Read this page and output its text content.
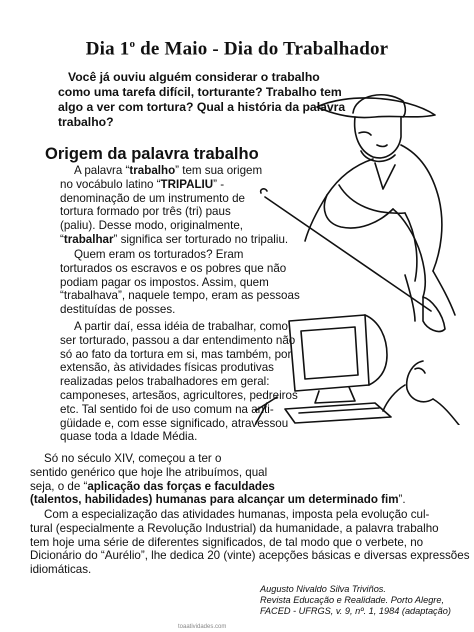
Dia 1$^o$ de Maio - Dia do Trabalhador
Você já ouviu alguém considerar o trabalho como uma tarefa difícil, torturante? Trabalho tem algo a ver com tortura? Qual a história da palavra trabalho?
Origem da palavra trabalho
A palavra “trabalho” tem sua origem
no vocábulo latino “TRIPALIU” -
denominação de um instrumento de
tortura formado por três (tri) paus
(paliu). Desse modo, originalmente,
“trabalhar” significa ser torturado no tripaliu.
Quem eram os torturados? Eram
torturados os escravos e os pobres que não
podiam pagar os impostos. Assim, quem
“trabalhava”, naquele tempo, eram as pessoas
destituídas de posses.
A partir daí, essa idéia de trabalhar, como
ser torturado, passou a dar entendimento não
só ao fato da tortura em si, mas também, por
extensão, às atividades físicas produtivas
realizadas pelos trabalhadores em geral:
camponeses, artesãos, agricultores, pedreiros
etc. Tal sentido foi de uso comum na anti-
güidade e, com esse significado, atravessou
quase toda a Idade Média.
Só no século XIV, começou a ter o
sentido genérico que hoje lhe atribuímos, qual
seja, o de “aplicação das forças e faculdades
(talentos, habilidades) humanas para alcançar um determinado fim”.
Com a especialização das atividades humanas, imposta pela evolução cul-
tural (especialmente a Revolução Industrial) da humanidade, a palavra trabalho
tem hoje uma série de diferentes significados, de tal modo que o verbete, no
Dicionário do “Aurélio”, lhe dedica 20 (vinte) acepções básicas e diversas expressões
idiomáticas.
Augusto Nivaldo Silva Triviños.
Revista Educação e Realidade. Porto Alegre,
FACED - UFRGS, v. 9, nº. 1, 1984 (adaptação)
toaatividades.com
